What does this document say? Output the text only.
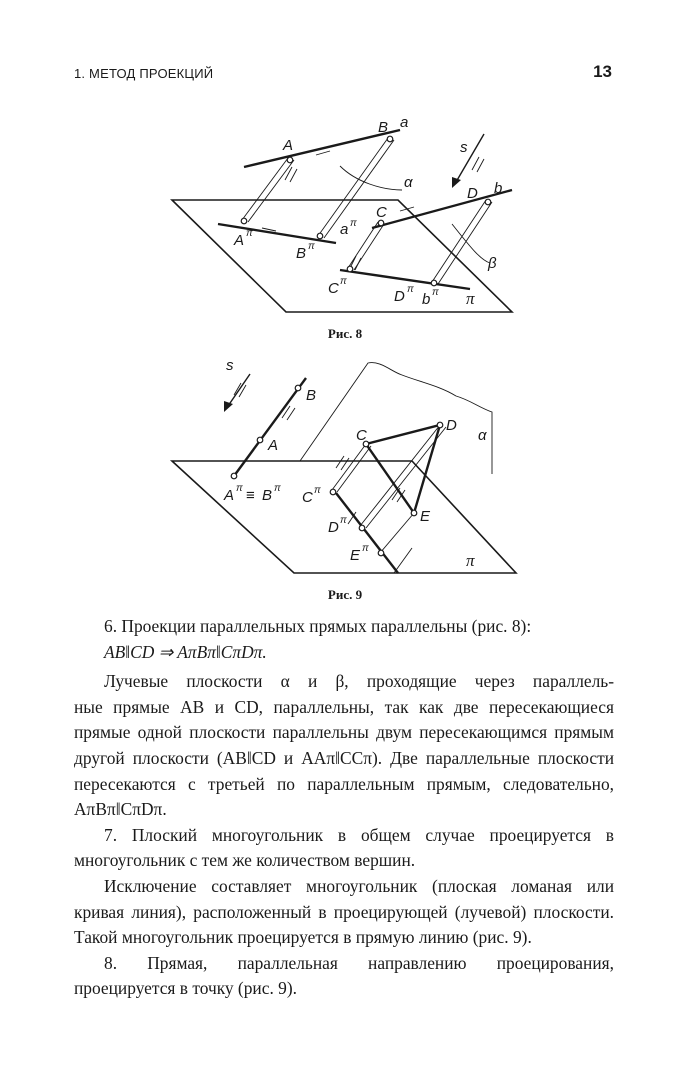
1. МЕТОД ПРОЕКЦИЙ	13
A
B a
s
α
D b
C
A π
B π
a π
β
C π
D π
b π π
Рис. 8
s
B
A
C
D
α
A π ≡ B π
C π
E
D π
E π
π
Рис. 9

6. Проекции параллельных прямых параллельны (рис. 8):

AB‖CD ⇒ AπBπ‖CπDπ.

Лучевые плоскости α и β, проходящие через параллель-

ные прямые AB и CD, параллельны, так как две пересекающиеся прямые одной плоскости параллельны двум пересекающимся прямым другой плоскости (AB‖CD и AAπ‖CCπ). Две параллельные плоскости пересекаются с третьей по параллельным прямым, следовательно, AπBπ‖CπDπ.

7. Плоский многоугольник в общем случае проецируется в многоугольник с тем же количеством вершин.

Исключение составляет многоугольник (плоская ломаная или кривая линия), расположенный в проецирующей (лучевой) плоскости. Такой многоугольник проецируется в прямую линию (рис. 9).

8. Прямая, параллельная направлению проецирования, проецируется в точку (рис. 9).
